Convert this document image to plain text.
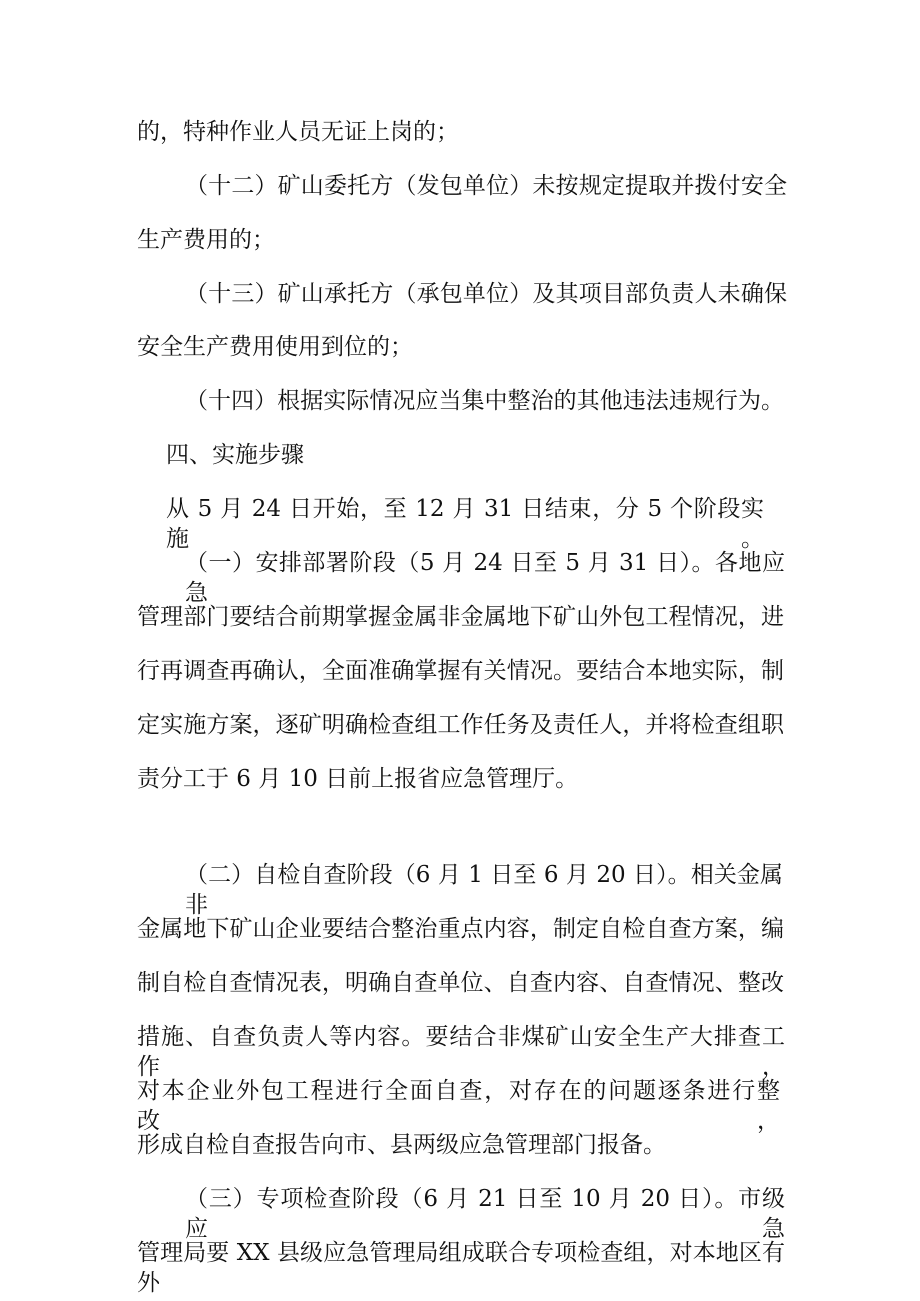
的，特种作业人员无证上岗的；
（十二）矿山委托方（发包单位）未按规定提取并拨付安全
生产费用的；
（十三）矿山承托方（承包单位）及其项目部负责人未确保
安全生产费用使用到位的；
（十四）根据实际情况应当集中整治的其他违法违规行为。
四、实施步骤
从 5 月 24 日开始，至 12 月 31 日结束，分 5 个阶段实施。
（一）安排部署阶段（5 月 24 日至 5 月 31 日）。各地应急
管理部门要结合前期掌握金属非金属地下矿山外包工程情况，进
行再调查再确认，全面准确掌握有关情况。要结合本地实际，制
定实施方案，逐矿明确检查组工作任务及责任人，并将检查组职
责分工于 6 月 10 日前上报省应急管理厅。
（二）自检自查阶段（6 月 1 日至 6 月 20 日）。相关金属非
金属地下矿山企业要结合整治重点内容，制定自检自查方案，编
制自检自查情况表，明确自查单位、自查内容、自查情况、整改
措施、自查负责人等内容。要结合非煤矿山安全生产大排查工作，
对本企业外包工程进行全面自查，对存在的问题逐条进行整改，
形成自检自查报告向市、县两级应急管理部门报备。
（三）专项检查阶段（6 月 21 日至 10 月 20 日）。市级应急
管理局要 XX 县级应急管理局组成联合专项检查组，对本地区有外
